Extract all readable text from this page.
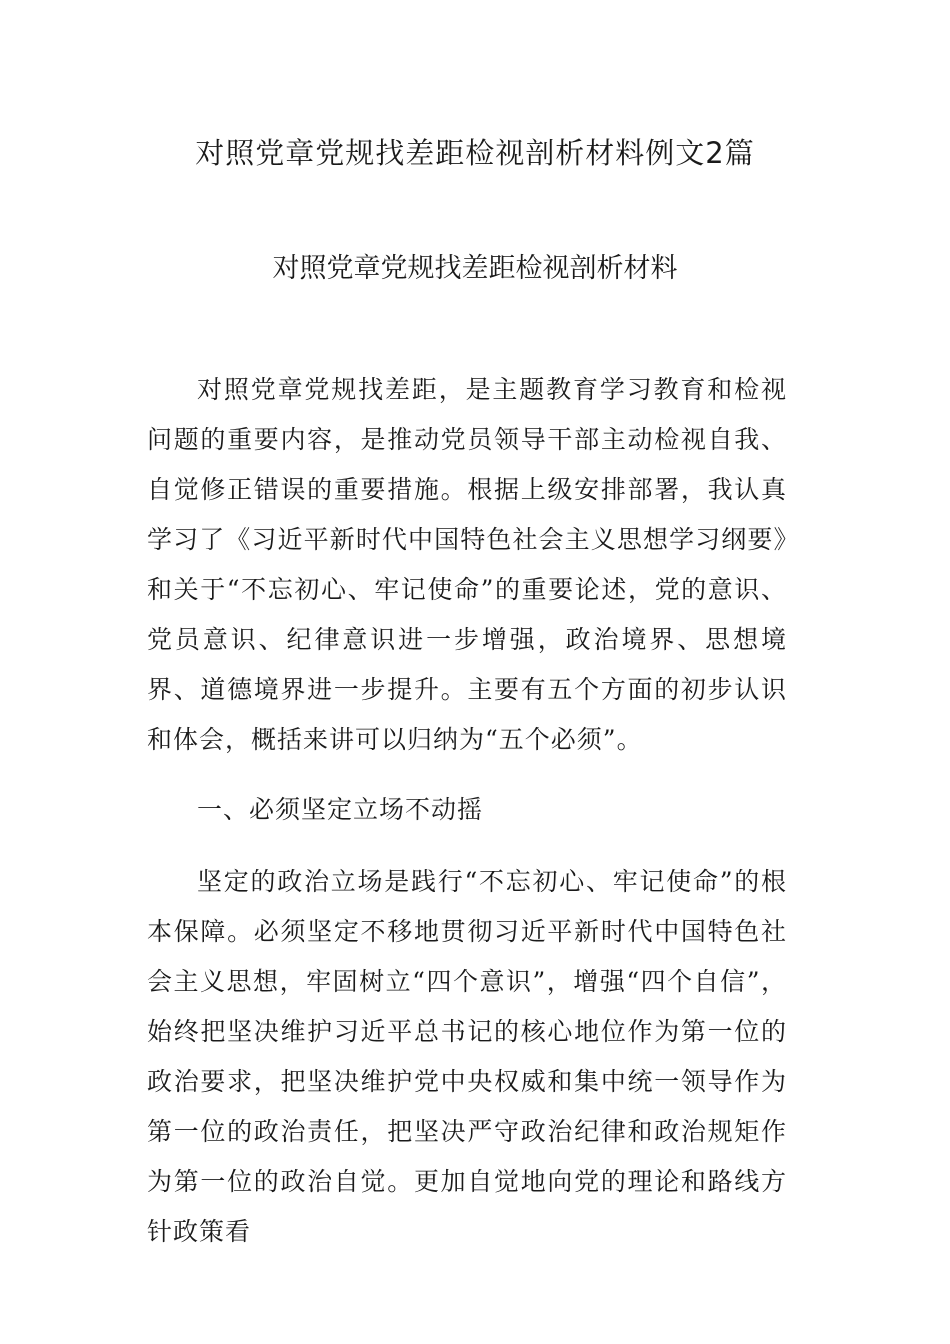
对照党章党规找差距检视剖析材料例文2篇
对照党章党规找差距检视剖析材料

对照党章党规找差距，是主题教育学习教育和检视问题的重要内容，是推动党员领导干部主动检视自我、自觉修正错误的重要措施。根据上级安排部署，我认真学习了《习近平新时代中国特色社会主义思想学习纲要》和关于“不忘初心、牢记使命”的重要论述，党的意识、党员意识、纪律意识进一步增强，政治境界、思想境界、道德境界进一步提升。主要有五个方面的初步认识和体会，概括来讲可以归纳为“五个必须”。

一、必须坚定立场不动摇

坚定的政治立场是践行“不忘初心、牢记使命”的根本保障。必须坚定不移地贯彻习近平新时代中国特色社会主义思想，牢固树立“四个意识”，增强“四个自信”，始终把坚决维护习近平总书记的核心地位作为第一位的政治要求，把坚决维护党中央权威和集中统一领导作为第一位的政治责任，把坚决严守政治纪律和政治规矩作为第一位的政治自觉。更加自觉地向党的理论和路线方针政策看
